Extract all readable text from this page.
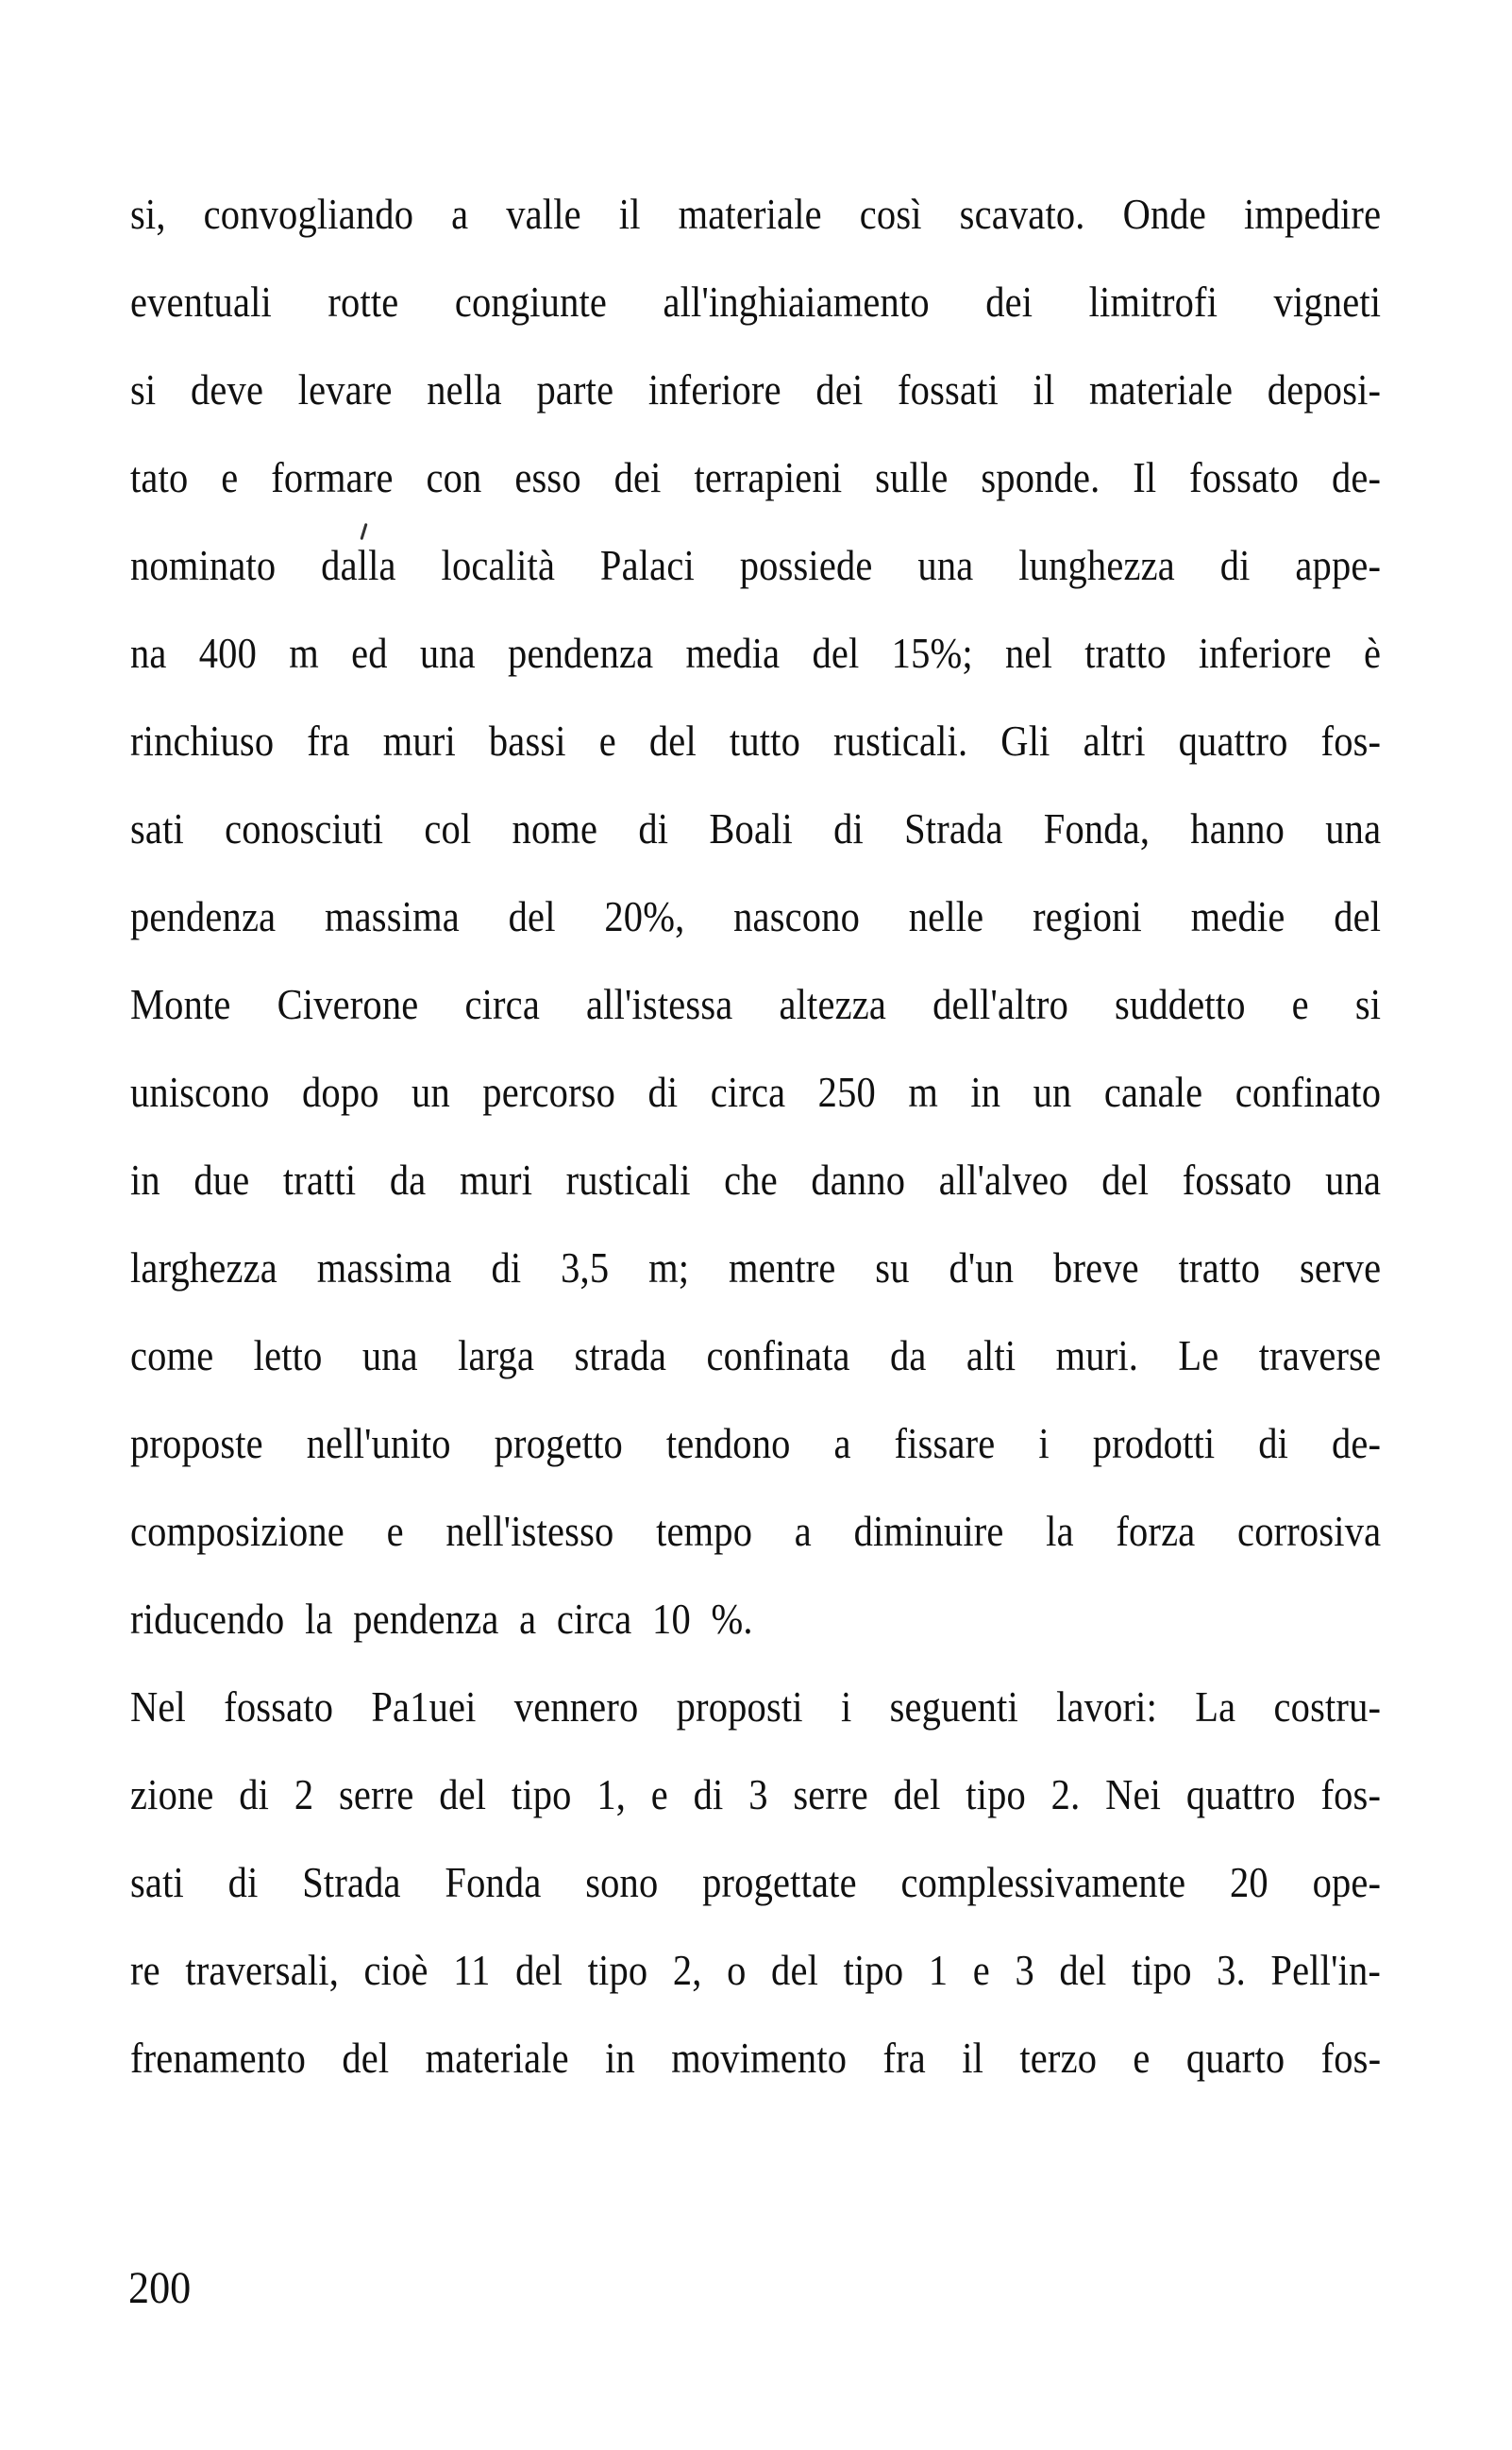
si, convogliando a valle il materiale così scavato. Onde impedire
eventuali rotte congiunte all'inghiaiamento dei limitrofi vigneti
si deve levare nella parte inferiore dei fossati il materiale deposi-
tato e formare con esso dei terrapieni sulle sponde. Il fossato de-
nominato dalla località Palaci possiede una lunghezza di appe-
na 400 m ed una pendenza media del 15%; nel tratto inferiore è
rinchiuso fra muri bassi e del tutto rusticali. Gli altri quattro fos-
sati conosciuti col nome di Boali di Strada Fonda, hanno una
pendenza massima del 20%, nascono nelle regioni medie del
Monte Civerone circa all'istessa altezza dell'altro suddetto e si
uniscono dopo un percorso di circa 250 m in un canale confinato
in due tratti da muri rusticali che danno all'alveo del fossato una
larghezza massima di 3,5 m; mentre su d'un breve tratto serve
come letto una larga strada confinata da alti muri. Le traverse
proposte nell'unito progetto tendono a fissare i prodotti di de-
composizione e nell'istesso tempo a diminuire la forza corrosiva
riducendo la pendenza a circa 10 %.
Nel fossato Pa1uei vennero proposti i seguenti lavori: La costru-
zione di 2 serre del tipo 1, e di 3 serre del tipo 2. Nei quattro fos-
sati di Strada Fonda sono progettate complessivamente 20 ope-
re traversali, cioè 11 del tipo 2, o del tipo 1 e 3 del tipo 3. Pell'in-
frenamento del materiale in movimento fra il terzo e quarto fos-
200
